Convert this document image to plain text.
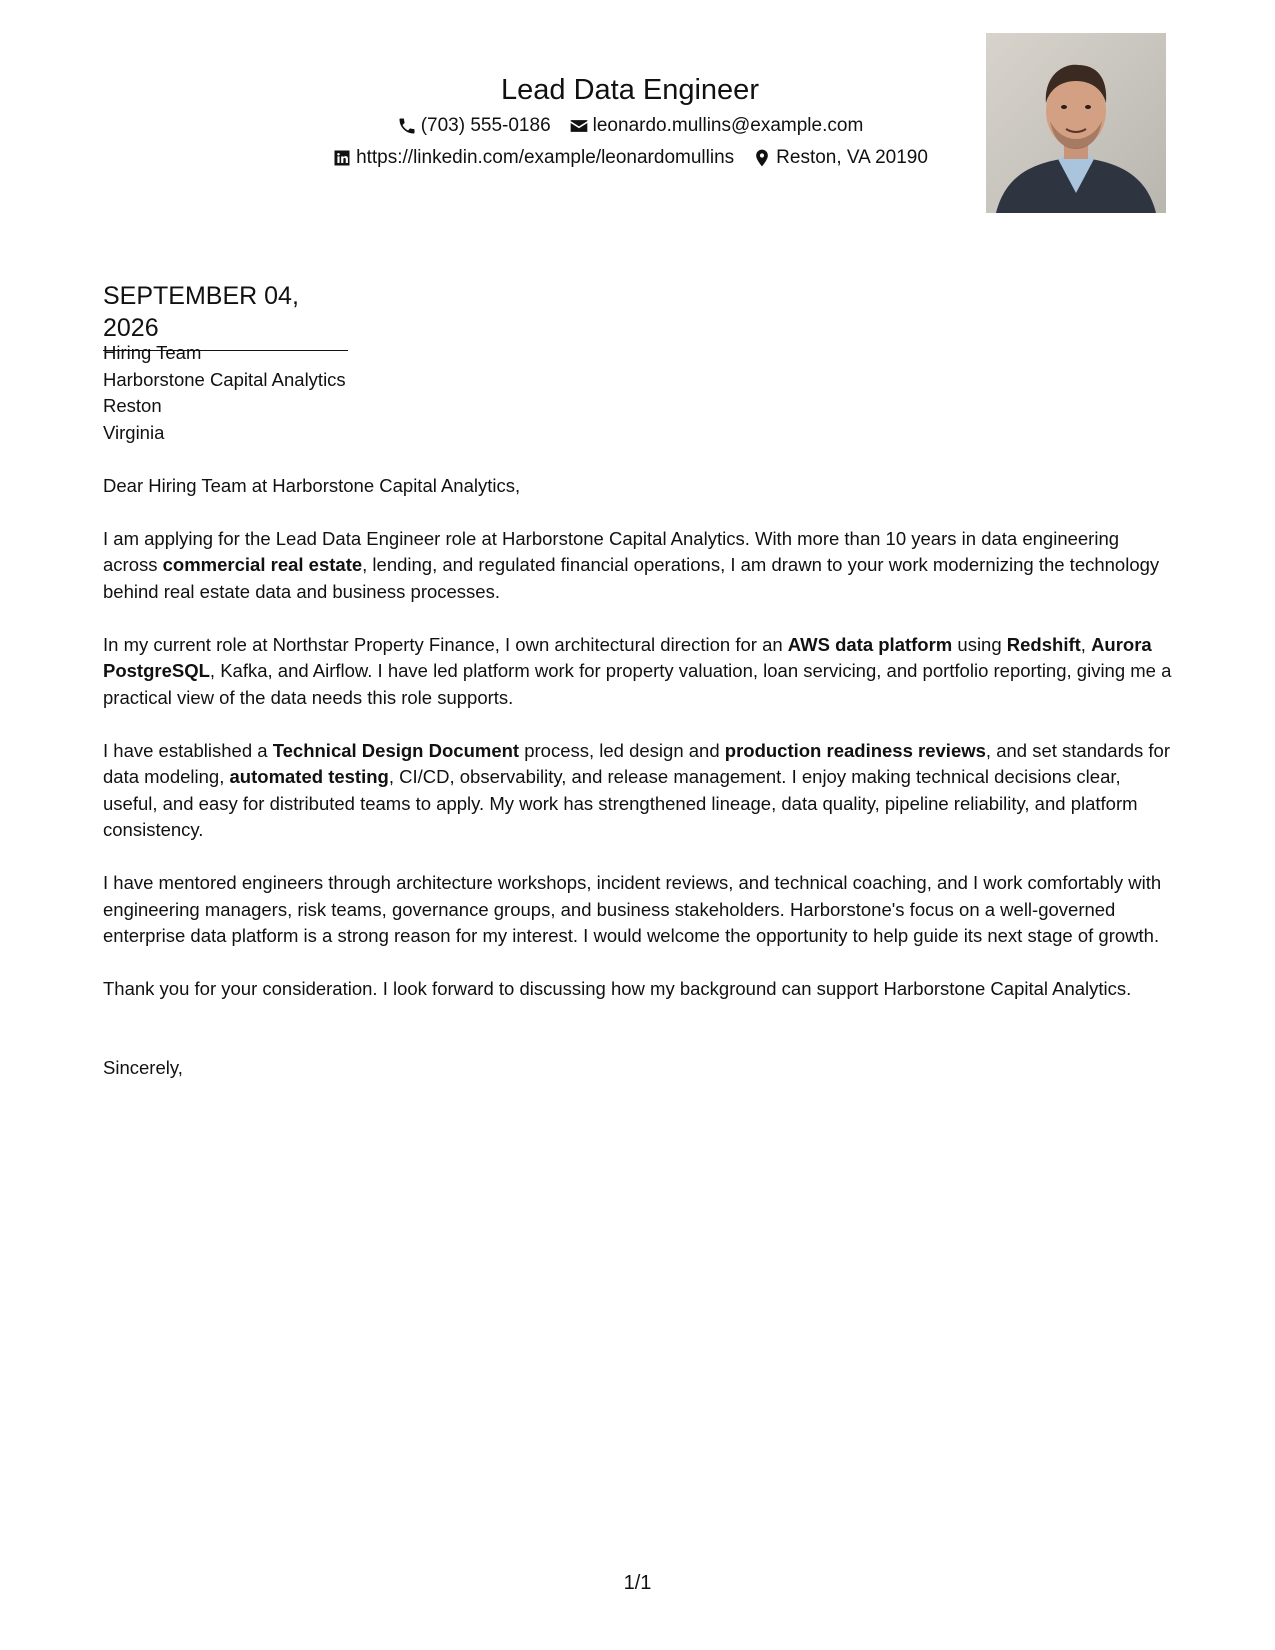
Lead Data Engineer
(703) 555-0186 leonardo.mullins@example.com
https://linkedin.com/example/leonardomullins Reston, VA 20190
SEPTEMBER 04, 2026
Hiring Team
Harborstone Capital Analytics
Reston
Virginia

Dear Hiring Team at Harborstone Capital Analytics,

I am applying for the Lead Data Engineer role at Harborstone Capital Analytics. With more than 10 years in data engineering across commercial real estate, lending, and regulated financial operations, I am drawn to your work modernizing the technology behind real estate data and business processes.

In my current role at Northstar Property Finance, I own architectural direction for an AWS data platform using Redshift, Aurora PostgreSQL, Kafka, and Airflow. I have led platform work for property valuation, loan servicing, and portfolio reporting, giving me a practical view of the data needs this role supports.

I have established a Technical Design Document process, led design and production readiness reviews, and set standards for data modeling, automated testing, CI/CD, observability, and release management. I enjoy making technical decisions clear, useful, and easy for distributed teams to apply. My work has strengthened lineage, data quality, pipeline reliability, and platform consistency.

I have mentored engineers through architecture workshops, incident reviews, and technical coaching, and I work comfortably with engineering managers, risk teams, governance groups, and business stakeholders. Harborstone's focus on a well-governed enterprise data platform is a strong reason for my interest. I would welcome the opportunity to help guide its next stage of growth.

Thank you for your consideration. I look forward to discussing how my background can support Harborstone Capital Analytics.

Sincerely,

1/1
